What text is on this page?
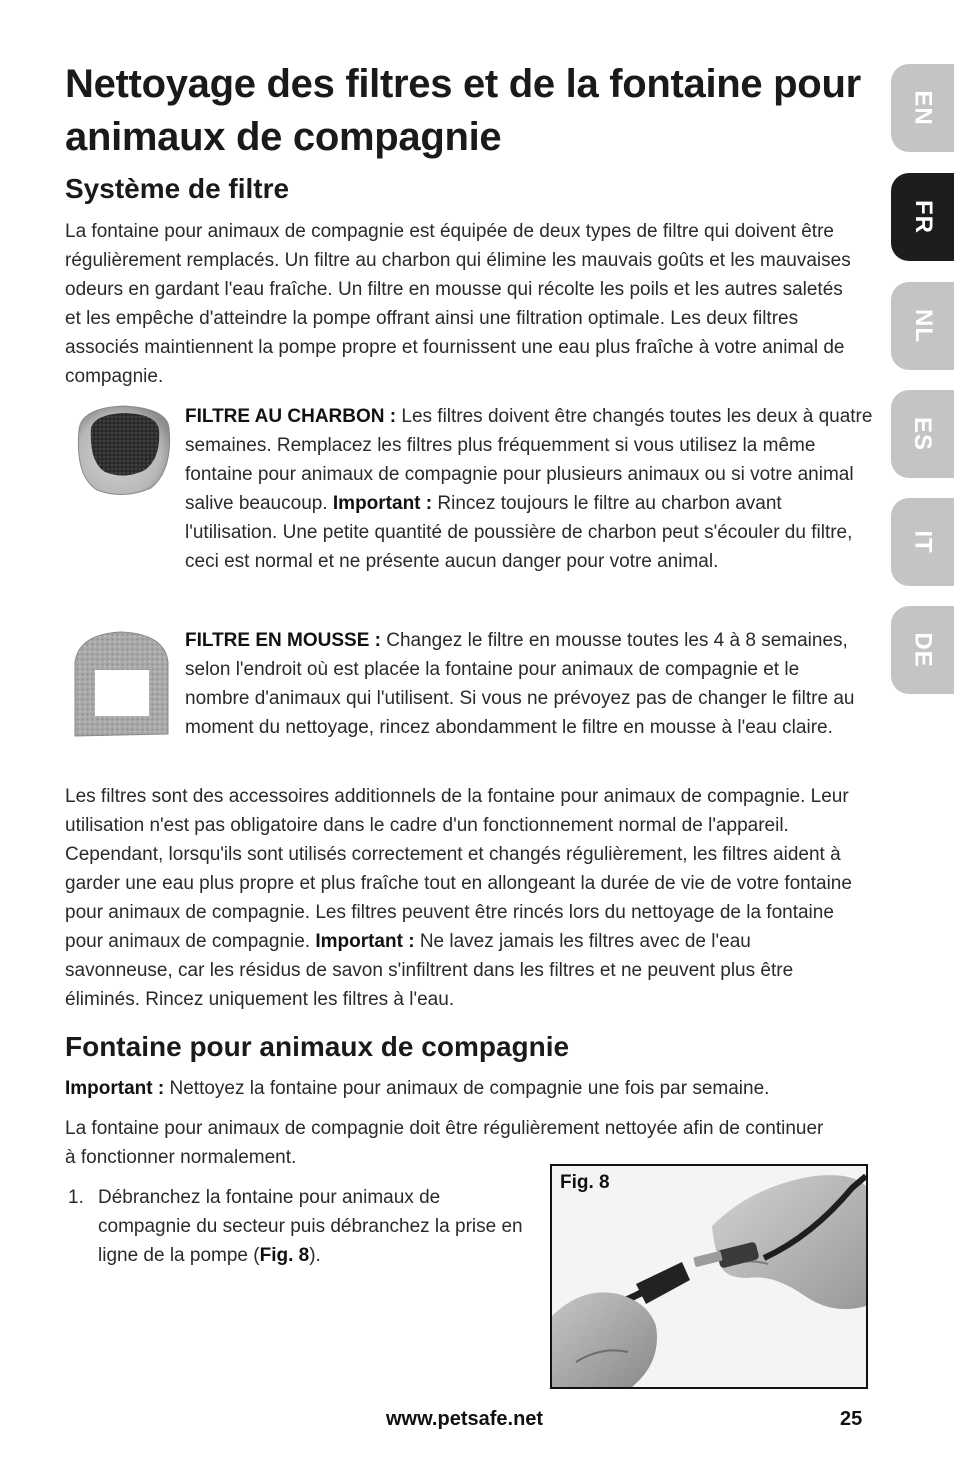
Nettoyage des filtres et de la fontaine pour animaux de compagnie
Système de filtre

La fontaine pour animaux de compagnie est équipée de deux types de filtre qui doivent être régulièrement remplacés. Un filtre au charbon qui élimine les mauvais goûts et les mauvaises odeurs en gardant l'eau fraîche. Un filtre en mousse qui récolte les poils et les autres saletés et les empêche d'atteindre la pompe offrant ainsi une filtration optimale. Les deux filtres associés maintiennent la pompe propre et fournissent une eau plus fraîche à votre animal de compagnie.

FILTRE AU CHARBON : Les filtres doivent être changés toutes les deux à quatre semaines. Remplacez les filtres plus fréquemment si vous utilisez la même fontaine pour animaux de compagnie pour plusieurs animaux ou si votre animal salive beaucoup. Important : Rincez toujours le filtre au charbon avant l'utilisation. Une petite quantité de poussière de charbon peut s'écouler du filtre, ceci est normal et ne présente aucun danger pour votre animal.

FILTRE EN MOUSSE : Changez le filtre en mousse toutes les 4 à 8 semaines, selon l'endroit où est placée la fontaine pour animaux de compagnie et le nombre d'animaux qui l'utilisent. Si vous ne prévoyez pas de changer le filtre au moment du nettoyage, rincez abondamment le filtre en mousse à l'eau claire.

Les filtres sont des accessoires additionnels de la fontaine pour animaux de compagnie. Leur utilisation n'est pas obligatoire dans le cadre d'un fonctionnement normal de l'appareil. Cependant, lorsqu'ils sont utilisés correctement et changés régulièrement, les filtres aident à garder une eau plus propre et plus fraîche tout en allongeant la durée de vie de votre fontaine pour animaux de compagnie. Les filtres peuvent être rincés lors du nettoyage de la fontaine pour animaux de compagnie. Important : Ne lavez jamais les filtres avec de l'eau savonneuse, car les résidus de savon s'infiltrent dans les filtres et ne peuvent plus être éliminés. Rincez uniquement les filtres à l'eau.

Fontaine pour animaux de compagnie

Important : Nettoyez la fontaine pour animaux de compagnie une fois par semaine.

La fontaine pour animaux de compagnie doit être régulièrement nettoyée afin de continuer à fonctionner normalement.

1. Débranchez la fontaine pour animaux de compagnie du secteur puis débranchez la prise en ligne de la pompe (Fig. 8).
Fig. 8
EN
FR
NL
ES
IT
DE
www.petsafe.net	25
